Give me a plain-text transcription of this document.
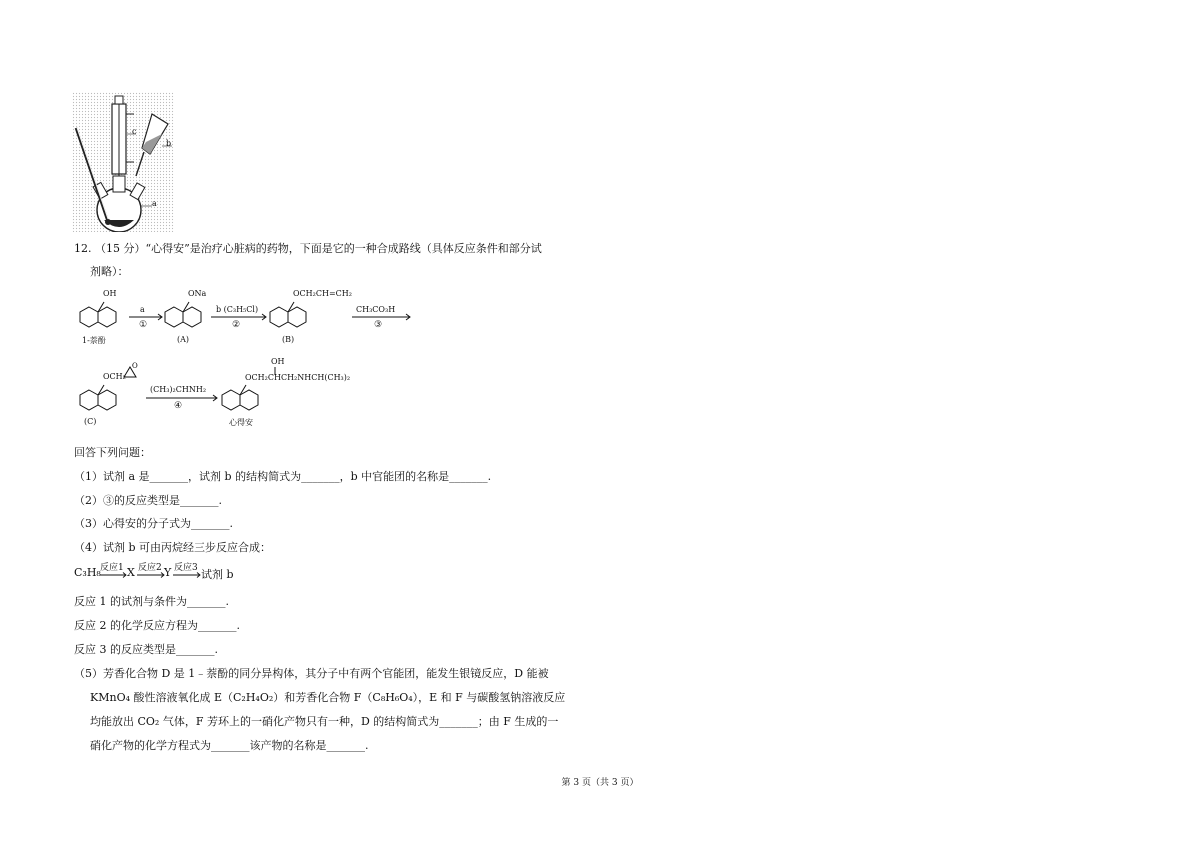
c
b
a
12. （15 分）“心得安”是治疗心脏病的药物，下面是它的一种合成路线（具体反应条件和部分试
剂略）：
O
OH
1-萘酚
a
①
ONa
(A)
b (C₃H₅Cl)
②
OCH₂CH=CH₂
(B)
CH₃CO₃H
③
OCH₂
(C)
(CH₃)₂CHNH₂
④
OH
OCH₂CHCH₂NHCH(CH₃)₂
心得安
回答下列问题：
（1）试剂 a 是_______，试剂 b 的结构简式为_______，b 中官能团的名称是_______.
（2）③的反应类型是_______.
（3）心得安的分子式为_______.
（4）试剂 b 可由丙烷经三步反应合成：
C₃H₈ 反应1 X 反应2 Y 反应3 试剂 b
反应 1 的试剂与条件为_______.
反应 2 的化学反应方程为_______.
反应 3 的反应类型是_______.
（5）芳香化合物 D 是 1﹣萘酚的同分异构体，其分子中有两个官能团，能发生银镜反应，D 能被
KMnO₄ 酸性溶液氧化成 E（C₂H₄O₂）和芳香化合物 F（C₈H₆O₄），E 和 F 与碳酸氢钠溶液反应
均能放出 CO₂ 气体，F 芳环上的一硝化产物只有一种，D 的结构简式为_______；由 F 生成的一
硝化产物的化学方程式为_______该产物的名称是_______.
第 3 页（共 3 页）
